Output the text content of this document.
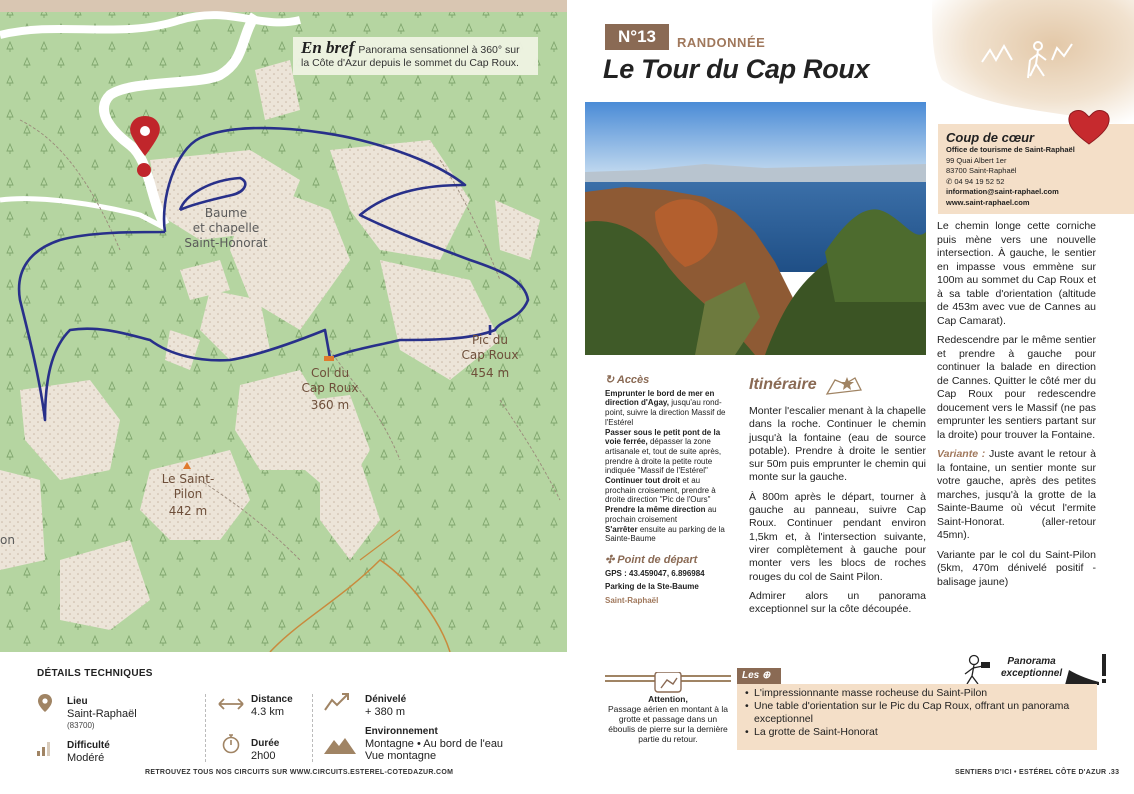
Baume
et chapelle
Saint-Honorat
Pic du
Cap Roux
454 m
Col du
Cap Roux
360 m
Le Saint-
Pilon
442 m
on
En bref Panorama sensationnel à 360° sur la Côte d'Azur depuis le sommet du Cap Roux.
DÉTAILS TECHNIQUES
Lieu
Saint-Raphaël
(83700)
Difficulté
Modéré
Distance
4.3 km
Durée
2h00
Dénivelé
+ 380 m
Environnement
Montagne • Au bord de l'eau
Vue montagne
RETROUVEZ TOUS NOS CIRCUITS SUR WWW.CIRCUITS.ESTEREL-COTEDAZUR.COM
N°13	RANDONNÉE
Le Tour du Cap Roux
Coup de cœur
Office de tourisme de Saint-Raphaël
99 Quai Albert 1er
83700 Saint-Raphaël
✆ 04 94 19 52 52
information@saint-raphael.com
www.saint-raphael.com
↻ Accès
Emprunter le bord de mer en direction d'Agay, jusqu'au rond-point, suivre la direction Massif de l'Estérel
Passer sous le petit pont de la voie ferrée, dépasser la zone artisanale et, tout de suite après, prendre à droite la petite route indiquée "Massif de l'Estérel"
Continuer tout droit et au prochain croisement, prendre à droite direction "Pic de l'Ours"
Prendre la même direction au prochain croisement
S'arrêter ensuite au parking de la Sainte-Baume
✣ Point de départ
GPS : 43.459047, 6.896984
Parking de la Ste-Baume
Saint-Raphaël
Attention,
Passage aérien en montant à la grotte et passage dans un éboulis de pierre sur la dernière partie du retour.
Itinéraire

Monter l'escalier menant à la chapelle dans la roche. Continuer le chemin jusqu'à la fontaine (eau de source potable). Prendre à droite le sentier sur 50m puis emprunter le chemin qui monte sur la gauche.

À 800m après le départ, tourner à gauche au panneau, suivre Cap Roux. Continuer pendant environ 1,5km et, à l'intersection suivante, virer complètement à gauche pour monter vers les blocs de roches rouges du col de Saint Pilon.

Admirer alors un panorama exceptionnel sur la côte découpée.

Le chemin longe cette corniche puis mène vers une nouvelle intersection. À gauche, le sentier en impasse vous emmène sur 100m au sommet du Cap Roux et à sa table d'orientation (altitude de 453m avec vue de Cannes au Cap Camarat).

Redescendre par le même sentier et prendre à gauche pour continuer la balade en direction de Cannes. Quitter le côté mer du Cap Roux pour redescendre doucement vers le Massif (ne pas emprunter les sentiers partant sur la droite) pour trouver la Fontaine.

Variante : Juste avant le retour à la fontaine, un sentier monte sur votre gauche, après des petites marches, jusqu'à la grotte de la Sainte-Baume où vécut l'ermite Saint-Honorat. (aller-retour 45mn).

Variante par le col du Saint-Pilon (5km, 470m dénivelé positif - balisage jaune)

Panorama
exceptionnel
Les ⊕
• L'impressionnante masse rocheuse du Saint-Pilon
• Une table d'orientation sur le Pic du Cap Roux, offrant un panorama exceptionnel
• La grotte de Saint-Honorat
SENTIERS D'ICI • ESTÉREL CÔTE D'AZUR .33
